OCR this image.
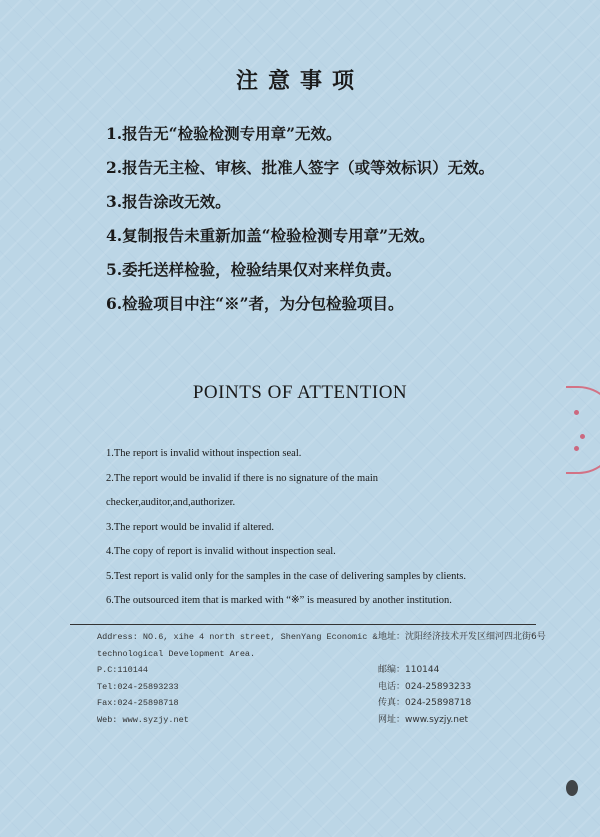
注意事项
1.报告无“检验检测专用章”无效。
2.报告无主检、审核、批准人签字（或等效标识）无效。
3.报告涂改无效。
4.复制报告未重新加盖“检验检测专用章”无效。
5.委托送样检验，检验结果仅对来样负责。
6.检验项目中注“※”者，为分包检验项目。
POINTS OF ATTENTION
1.The report is invalid without inspection seal.
2.The report would be invalid if there is no signature of the main
checker,auditor,and,authorizer.
3.The report would be invalid if altered.
4.The copy of report is invalid without inspection seal.
5.Test report is valid only for the samples in the case of delivering samples by clients.
6.The outsourced item that is marked with “※” is measured by another institution.
Address: NO.6, xihe 4 north street, ShenYang Economic &
technological Development Area.
P.C:110144
Tel:024-25893233
Fax:024-25898718
Web: www.syzjy.net
地址：沈阳经济技术开发区细河四北街6号
邮编：110144
电话：024-25893233
传真：024-25898718
网址：www.syzjy.net
